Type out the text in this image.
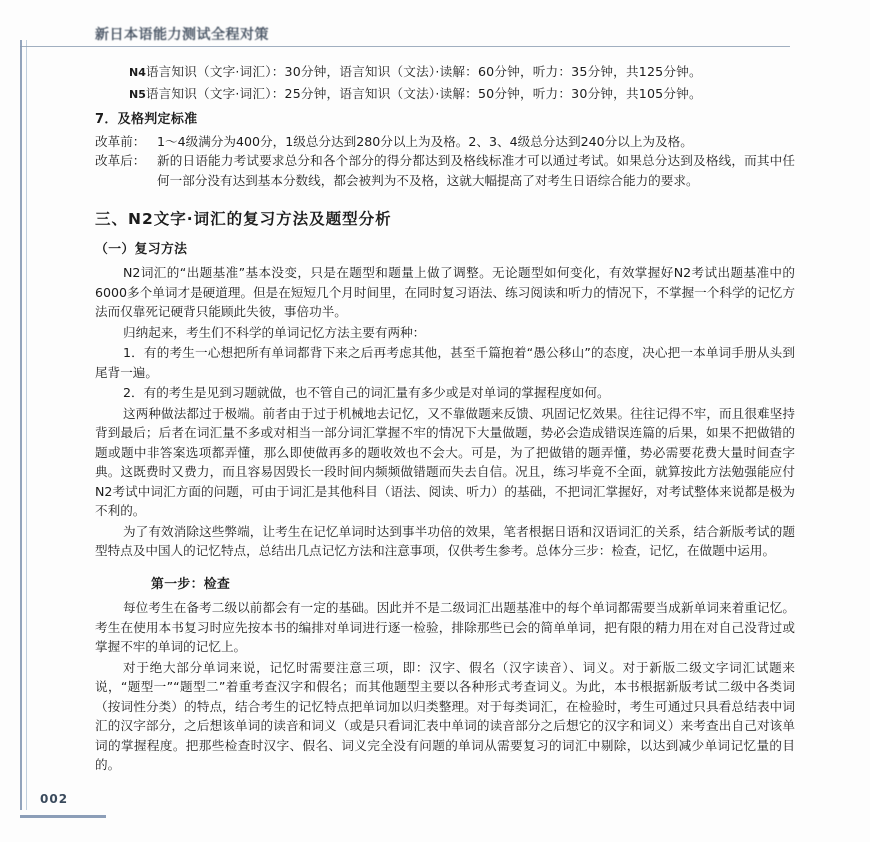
新日本语能力测试全程对策

N4语言知识（文字·词汇）：30分钟，语言知识（文法）·读解：60分钟，听力：35分钟，共125分钟。

N5语言知识（文字·词汇）：25分钟，语言知识（文法）·读解：50分钟，听力：30分钟，共105分钟。

7．及格判定标准

改革前： 1～4级满分为400分，1级总分达到280分以上为及格。2、3、4级总分达到240分以上为及格。

改革后： 新的日语能力考试要求总分和各个部分的得分都达到及格线标准才可以通过考试。如果总分达到及格线，而其中任何一部分没有达到基本分数线，都会被判为不及格，这就大幅提高了对考生日语综合能力的要求。

三、N2文字·词汇的复习方法及题型分析

（一）复习方法

N2词汇的“出题基准”基本没变，只是在题型和题量上做了调整。无论题型如何变化，有效掌握好N2考试出题基准中的6000多个单词才是硬道理。但是在短短几个月时间里，在同时复习语法、练习阅读和听力的情况下，不掌握一个科学的记忆方法而仅靠死记硬背只能顾此失彼，事倍功半。

归纳起来，考生们不科学的单词记忆方法主要有两种：

1．有的考生一心想把所有单词都背下来之后再考虑其他，甚至千篇抱着“愚公移山”的态度，决心把一本单词手册从头到尾背一遍。

2．有的考生是见到习题就做，也不管自己的词汇量有多少或是对单词的掌握程度如何。

这两种做法都过于极端。前者由于过于机械地去记忆，又不靠做题来反馈、巩固记忆效果。往往记得不牢，而且很难坚持背到最后；后者在词汇量不多或对相当一部分词汇掌握不牢的情况下大量做题，势必会造成错误连篇的后果，如果不把做错的题或题中非答案选项都弄懂，那么即使做再多的题收效也不会大。可是，为了把做错的题弄懂，势必需要花费大量时间查字典。这既费时又费力，而且容易因毁长一段时间内频频做错题而失去自信。况且，练习毕竟不全面，就算按此方法勉强能应付N2考试中词汇方面的问题，可由于词汇是其他科目（语法、阅读、听力）的基础，不把词汇掌握好，对考试整体来说都是极为不利的。

为了有效消除这些弊端，让考生在记忆单词时达到事半功倍的效果，笔者根据日语和汉语词汇的关系，结合新版考试的题型特点及中国人的记忆特点，总结出几点记忆方法和注意事项，仅供考生参考。总体分三步：检查，记忆，在做题中运用。

第一步：检查

每位考生在备考二级以前都会有一定的基础。因此并不是二级词汇出题基准中的每个单词都需要当成新单词来着重记忆。考生在使用本书复习时应先按本书的编排对单词进行逐一检验，排除那些已会的简单单词，把有限的精力用在对自己没背过或掌握不牢的单词的记忆上。

对于绝大部分单词来说，记忆时需要注意三项，即：汉字、假名（汉字读音）、词义。对于新版二级文字词汇试题来说，“题型一”“题型二”着重考查汉字和假名；而其他题型主要以各种形式考查词义。为此，本书根据新版考试二级中各类词（按词性分类）的特点，结合考生的记忆特点把单词加以归类整理。对于每类词汇，在检验时，考生可通过只具看总结表中词汇的汉字部分，之后想该单词的读音和词义（或是只看词汇表中单词的读音部分之后想它的汉字和词义）来考查出自己对该单词的掌握程度。把那些检查时汉字、假名、词义完全没有问题的单词从需要复习的词汇中剔除，以达到减少单词记忆量的目的。

002
